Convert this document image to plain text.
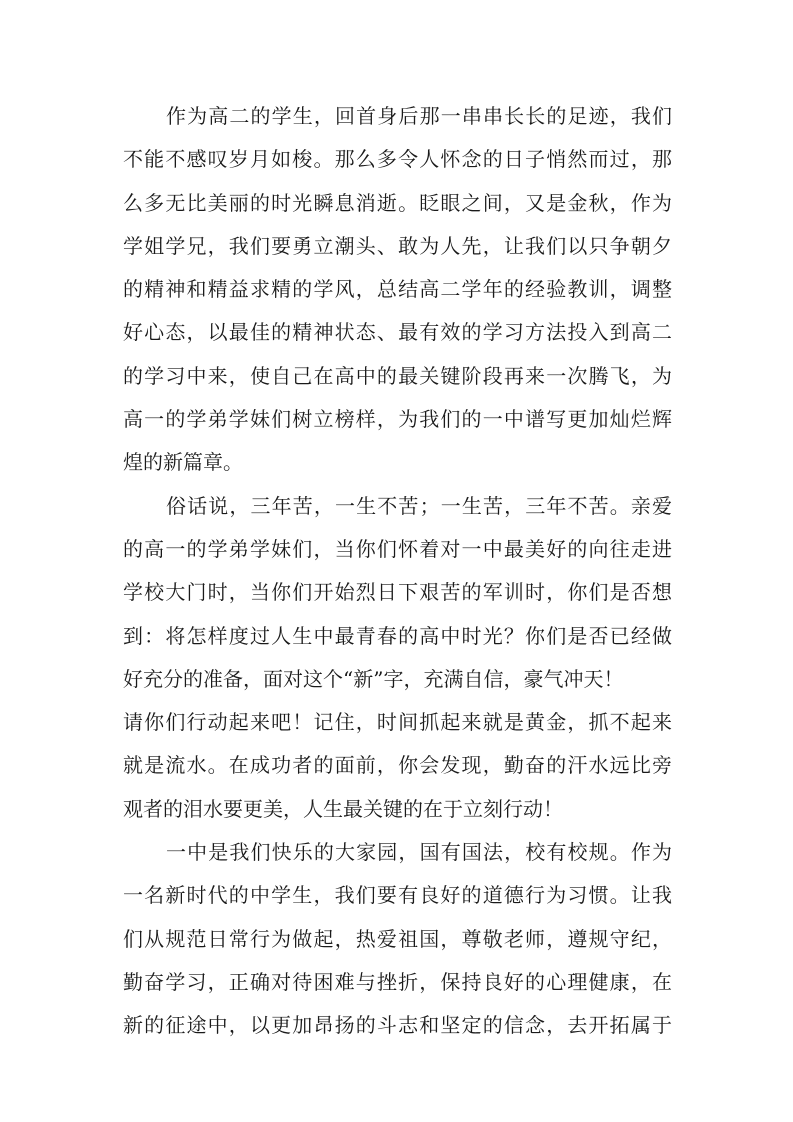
作为高二的学生，回首身后那一串串长长的足迹，我们
不能不感叹岁月如梭。那么多令人怀念的日子悄然而过，那
么多无比美丽的时光瞬息消逝。眨眼之间，又是金秋，作为
学姐学兄，我们要勇立潮头、敢为人先，让我们以只争朝夕
的精神和精益求精的学风，总结高二学年的经验教训，调整
好心态，以最佳的精神状态、最有效的学习方法投入到高二
的学习中来，使自己在高中的最关键阶段再来一次腾飞，为
高一的学弟学妹们树立榜样，为我们的一中谱写更加灿烂辉
煌的新篇章。
俗话说，三年苦，一生不苦；一生苦，三年不苦。亲爱
的高一的学弟学妹们，当你们怀着对一中最美好的向往走进
学校大门时，当你们开始烈日下艰苦的军训时，你们是否想
到：将怎样度过人生中最青春的高中时光？你们是否已经做
好充分的准备，面对这个“新”字，充满自信，豪气冲天！
请你们行动起来吧！记住，时间抓起来就是黄金，抓不起来
就是流水。在成功者的面前，你会发现，勤奋的汗水远比旁
观者的泪水要更美，人生最关键的在于立刻行动！
一中是我们快乐的大家园，国有国法，校有校规。作为
一名新时代的中学生，我们要有良好的道德行为习惯。让我
们从规范日常行为做起，热爱祖国，尊敬老师，遵规守纪，
勤奋学习，正确对待困难与挫折，保持良好的心理健康，在
新的征途中，以更加昂扬的斗志和坚定的信念，去开拓属于
